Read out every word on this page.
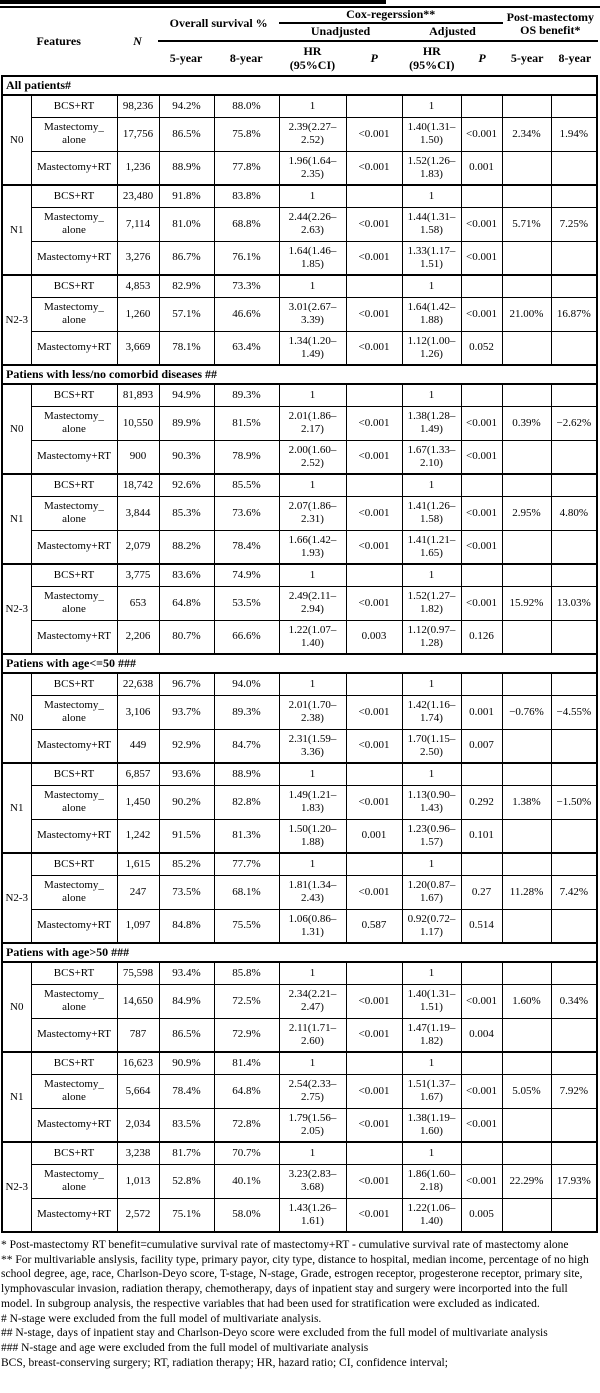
Features	N	Overall survival %		Cox-regerssion**				Post-mastectomy OS benefit*	
				Unadjusted		Adjusted			
		5-year	8-year	HR (95%CI)	P	HR (95%CI)	P	5-year	8-year
All patients#										
N0	BCS+RT	98,236	94.2%	88.0%	1		1			
	Mastectomy_ alone	17,756	86.5%	75.8%	2.39(2.27–2.52)	<0.001	1.40(1.31–1.50)	<0.001	2.34%	1.94%
	Mastectomy+RT	1,236	88.9%	77.8%	1.96(1.64–2.35)	<0.001	1.52(1.26–1.83)	0.001		
N1	BCS+RT	23,480	91.8%	83.8%	1		1			
	Mastectomy_ alone	7,114	81.0%	68.8%	2.44(2.26–2.63)	<0.001	1.44(1.31–1.58)	<0.001	5.71%	7.25%
	Mastectomy+RT	3,276	86.7%	76.1%	1.64(1.46–1.85)	<0.001	1.33(1.17–1.51)	<0.001		
N2-3	BCS+RT	4,853	82.9%	73.3%	1		1			
	Mastectomy_ alone	1,260	57.1%	46.6%	3.01(2.67–3.39)	<0.001	1.64(1.42–1.88)	<0.001	21.00%	16.87%
	Mastectomy+RT	3,669	78.1%	63.4%	1.34(1.20–1.49)	<0.001	1.12(1.00–1.26)	0.052		
Patiens with less/no comorbid diseases ##										
N0	BCS+RT	81,893	94.9%	89.3%	1		1			
	Mastectomy_ alone	10,550	89.9%	81.5%	2.01(1.86–2.17)	<0.001	1.38(1.28–1.49)	<0.001	0.39%	−2.62%
	Mastectomy+RT	900	90.3%	78.9%	2.00(1.60–2.52)	<0.001	1.67(1.33–2.10)	<0.001		
N1	BCS+RT	18,742	92.6%	85.5%	1		1			
	Mastectomy_ alone	3,844	85.3%	73.6%	2.07(1.86–2.31)	<0.001	1.41(1.26–1.58)	<0.001	2.95%	4.80%
	Mastectomy+RT	2,079	88.2%	78.4%	1.66(1.42–1.93)	<0.001	1.41(1.21–1.65)	<0.001		
N2-3	BCS+RT	3,775	83.6%	74.9%	1		1			
	Mastectomy_ alone	653	64.8%	53.5%	2.49(2.11–2.94)	<0.001	1.52(1.27–1.82)	<0.001	15.92%	13.03%
	Mastectomy+RT	2,206	80.7%	66.6%	1.22(1.07–1.40)	0.003	1.12(0.97–1.28)	0.126		
Patiens with age<=50 ###										
N0	BCS+RT	22,638	96.7%	94.0%	1		1			
	Mastectomy_ alone	3,106	93.7%	89.3%	2.01(1.70–2.38)	<0.001	1.42(1.16–1.74)	0.001	−0.76%	−4.55%
	Mastectomy+RT	449	92.9%	84.7%	2.31(1.59–3.36)	<0.001	1.70(1.15–2.50)	0.007		
N1	BCS+RT	6,857	93.6%	88.9%	1		1			
	Mastectomy_ alone	1,450	90.2%	82.8%	1.49(1.21–1.83)	<0.001	1.13(0.90–1.43)	0.292	1.38%	−1.50%
	Mastectomy+RT	1,242	91.5%	81.3%	1.50(1.20–1.88)	0.001	1.23(0.96–1.57)	0.101		
N2-3	BCS+RT	1,615	85.2%	77.7%	1		1			
	Mastectomy_ alone	247	73.5%	68.1%	1.81(1.34–2.43)	<0.001	1.20(0.87–1.67)	0.27	11.28%	7.42%
	Mastectomy+RT	1,097	84.8%	75.5%	1.06(0.86–1.31)	0.587	0.92(0.72–1.17)	0.514		
Patiens with age>50 ###										
N0	BCS+RT	75,598	93.4%	85.8%	1		1			
	Mastectomy_ alone	14,650	84.9%	72.5%	2.34(2.21–2.47)	<0.001	1.40(1.31–1.51)	<0.001	1.60%	0.34%
	Mastectomy+RT	787	86.5%	72.9%	2.11(1.71–2.60)	<0.001	1.47(1.19–1.82)	0.004		
N1	BCS+RT	16,623	90.9%	81.4%	1		1			
	Mastectomy_ alone	5,664	78.4%	64.8%	2.54(2.33–2.75)	<0.001	1.51(1.37–1.67)	<0.001	5.05%	7.92%
	Mastectomy+RT	2,034	83.5%	72.8%	1.79(1.56–2.05)	<0.001	1.38(1.19–1.60)	<0.001		
N2-3	BCS+RT	3,238	81.7%	70.7%	1		1			
	Mastectomy_ alone	1,013	52.8%	40.1%	3.23(2.83–3.68)	<0.001	1.86(1.60–2.18)	<0.001	22.29%	17.93%
	Mastectomy+RT	2,572	75.1%	58.0%	1.43(1.26–1.61)	<0.001	1.22(1.06–1.40)	0.005		

* Post-mastectomy RT benefit=cumulative survival rate of mastectomy+RT - cumulative survival rate of mastectomy alone

** For multivariable anslysis, facility type, primary payor, city type, distance to hospital, median income, percentage of no high school degree, age, race, Charlson-Deyo score, T-stage, N-stage, Grade, estrogen receptor, progesterone receptor, primary site, lymphovascular invasion, radiation therapy, chemotherapy, days of inpatient stay and surgery were incorported into the full model. In subgroup analysis, the respective variables that had been used for stratification were excluded as indicated.

# N-stage were excluded from the full model of multivariate analysis.

## N-stage, days of inpatient stay and Charlson-Deyo score were excluded from the full model of multivariate analysis

### N-stage and age were excluded from the full model of multivariate analysis

BCS, breast-conserving surgery; RT, radiation therapy; HR, hazard ratio; CI, confidence interval;
